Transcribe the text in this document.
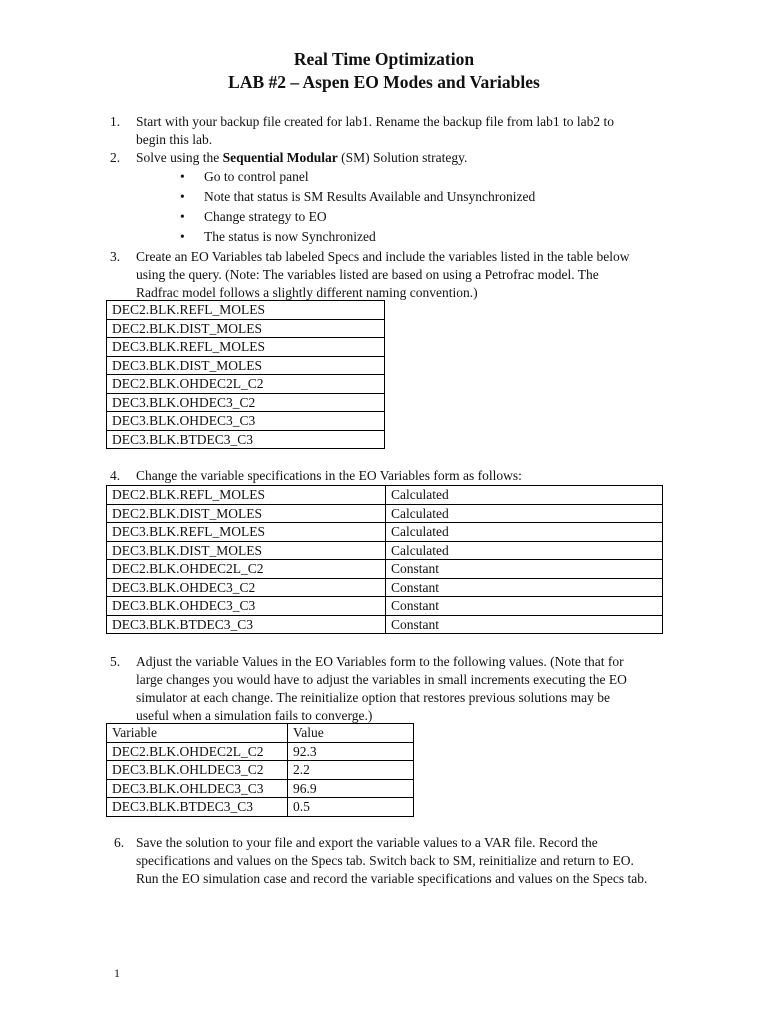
Real Time Optimization
LAB #2 – Aspen EO Modes and Variables
1. Start with your backup file created for lab1. Rename the backup file from lab1 to lab2 to begin this lab.
2. Solve using the Sequential Modular (SM) Solution strategy.
• Go to control panel
• Note that status is SM Results Available and Unsynchronized
• Change strategy to EO
• The status is now Synchronized
3. Create an EO Variables tab labeled Specs and include the variables listed in the table below using the query. (Note: The variables listed are based on using a Petrofrac model. The Radfrac model follows a slightly different naming convention.)
DEC2.BLK.REFL_MOLES
DEC2.BLK.DIST_MOLES
DEC3.BLK.REFL_MOLES
DEC3.BLK.DIST_MOLES
DEC2.BLK.OHDEC2L_C2
DEC3.BLK.OHDEC3_C2
DEC3.BLK.OHDEC3_C3
DEC3.BLK.BTDEC3_C3
4. Change the variable specifications in the EO Variables form as follows:
DEC2.BLK.REFL_MOLES	Calculated
DEC2.BLK.DIST_MOLES	Calculated
DEC3.BLK.REFL_MOLES	Calculated
DEC3.BLK.DIST_MOLES	Calculated
DEC2.BLK.OHDEC2L_C2	Constant
DEC3.BLK.OHDEC3_C2	Constant
DEC3.BLK.OHDEC3_C3	Constant
DEC3.BLK.BTDEC3_C3	Constant
5. Adjust the variable Values in the EO Variables form to the following values. (Note that for large changes you would have to adjust the variables in small increments executing the EO simulator at each change. The reinitialize option that restores previous solutions may be useful when a simulation fails to converge.)
Variable	Value
DEC2.BLK.OHDEC2L_C2	92.3
DEC3.BLK.OHLDEC3_C2	2.2
DEC3.BLK.OHLDEC3_C3	96.9
DEC3.BLK.BTDEC3_C3	0.5
6. Save the solution to your file and export the variable values to a VAR file. Record the specifications and values on the Specs tab. Switch back to SM, reinitialize and return to EO. Run the EO simulation case and record the variable specifications and values on the Specs tab.
1
